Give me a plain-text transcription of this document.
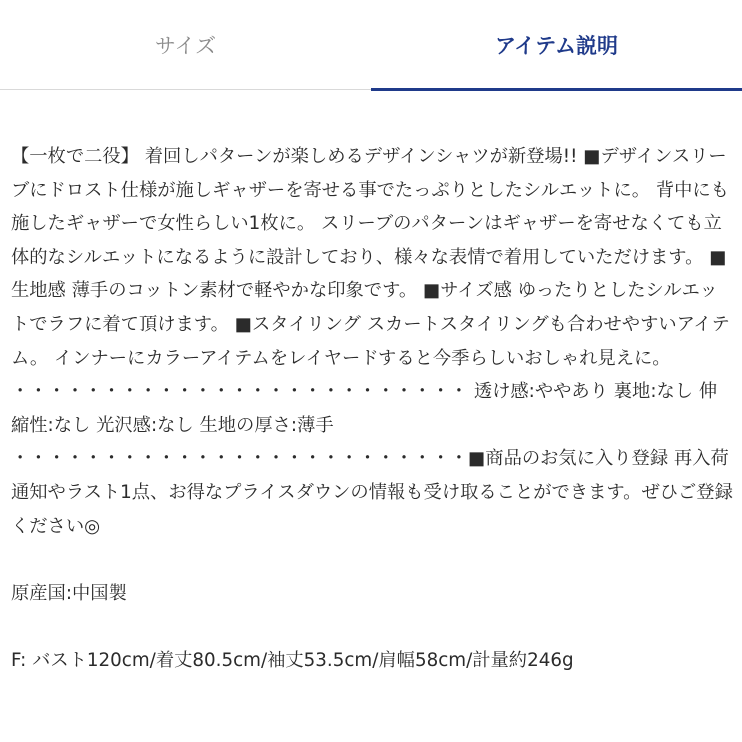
サイズ	アイテム説明

【一枚で二役】 着回しパターンが楽しめるデザインシャツが新登場!! ■デザインスリーブにドロスト仕様が施しギャザーを寄せる事でたっぷりとしたシルエットに。 背中にも施したギャザーで女性らしい1枚に。 スリーブのパターンはギャザーを寄せなくても立体的なシルエットになるように設計しており、様々な表情で着用していただけます。 ■生地感 薄手のコットン素材で軽やかな印象です。 ■サイズ感 ゆったりとしたシルエットでラフに着て頂けます。 ■スタイリング スカートスタイリングも合わせやすいアイテム。 インナーにカラーアイテムをレイヤードすると今季らしいおしゃれ見えに。

・・・・・・・・・・・・・・・・・・・・・・・・・ 透け感:ややあり 裏地:なし 伸縮性:なし 光沢感:なし 生地の厚さ:薄手

・・・・・・・・・・・・・・・・・・・・・・・・・■商品のお気に入り登録 再入荷通知やラスト1点、お得なプライスダウンの情報も受け取ることができます。ぜひご登録ください◎

原産国:中国製

F: バスト120cm/着丈80.5cm/袖丈53.5cm/肩幅58cm/計量約246g
